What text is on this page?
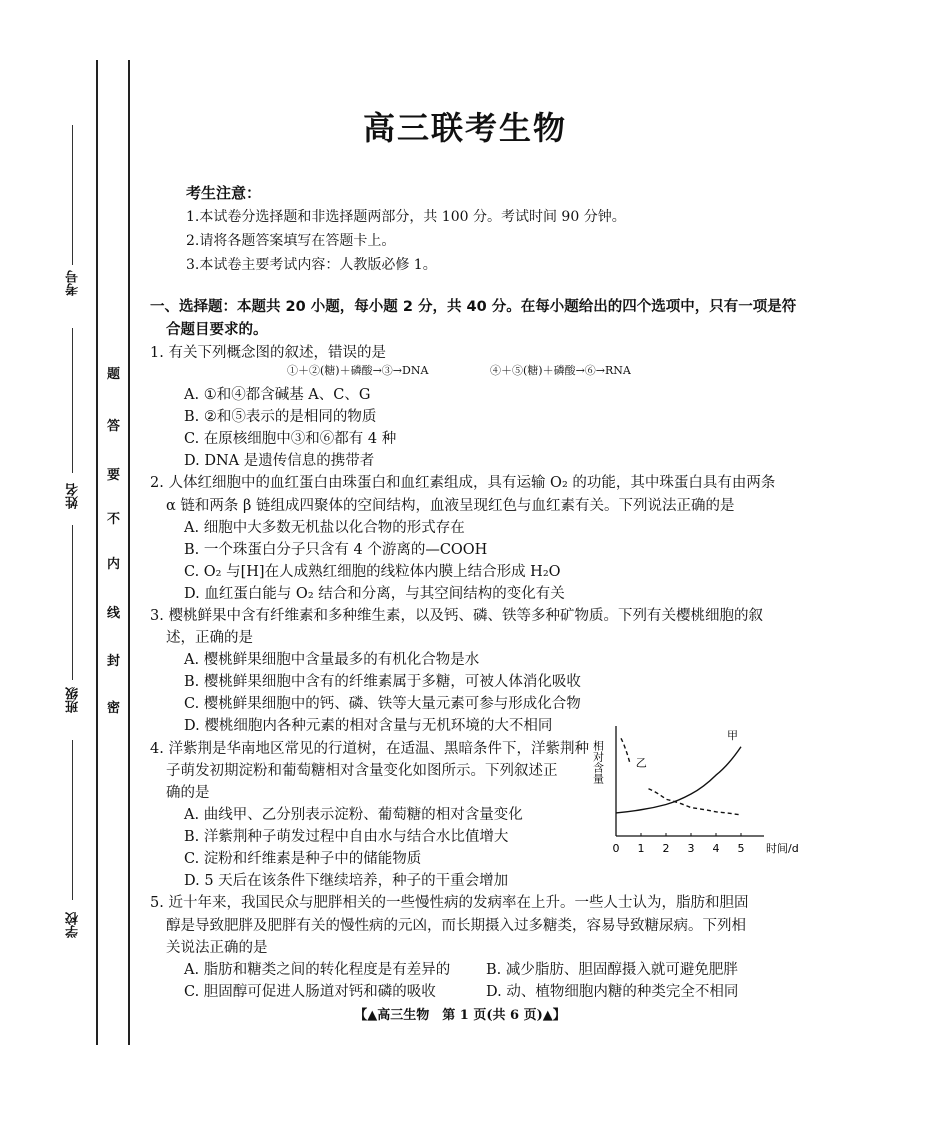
考号
姓名
班级
学校
题
答
要
不
内
线
封
密
高三联考生物
考生注意：
1.本试卷分选择题和非选择题两部分，共 100 分。考试时间 90 分钟。
2.请将各题答案填写在答题卡上。
3.本试卷主要考试内容：人教版必修 1。
一、选择题：本题共 20 小题，每小题 2 分，共 40 分。在每小题给出的四个选项中，只有一项是符
合题目要求的。
1. 有关下列概念图的叙述，错误的是
①＋②(糖)＋磷酸→③→DNA	④＋⑤(糖)＋磷酸→⑥→RNA
A. ①和④都含碱基 A、C、G
B. ②和⑤表示的是相同的物质
C. 在原核细胞中③和⑥都有 4 种
D. DNA 是遗传信息的携带者
2. 人体红细胞中的血红蛋白由珠蛋白和血红素组成，具有运输 O₂ 的功能，其中珠蛋白具有由两条
α 链和两条 β 链组成四聚体的空间结构，血液呈现红色与血红素有关。下列说法正确的是
A. 细胞中大多数无机盐以化合物的形式存在
B. 一个珠蛋白分子只含有 4 个游离的—COOH
C. O₂ 与[H]在人成熟红细胞的线粒体内膜上结合形成 H₂O
D. 血红蛋白能与 O₂ 结合和分离，与其空间结构的变化有关
3. 樱桃鲜果中含有纤维素和多种维生素，以及钙、磷、铁等多种矿物质。下列有关樱桃细胞的叙
述，正确的是
A. 樱桃鲜果细胞中含量最多的有机化合物是水
B. 樱桃鲜果细胞中含有的纤维素属于多糖，可被人体消化吸收
C. 樱桃鲜果细胞中的钙、磷、铁等大量元素可参与形成化合物
D. 樱桃细胞内各种元素的相对含量与无机环境的大不相同
4. 洋紫荆是华南地区常见的行道树，在适温、黑暗条件下，洋紫荆种
子萌发初期淀粉和葡萄糖相对含量变化如图所示。下列叙述正
确的是
A. 曲线甲、乙分别表示淀粉、葡萄糖的相对含量变化
B. 洋紫荆种子萌发过程中自由水与结合水比值增大
C. 淀粉和纤维素是种子中的储能物质
D. 5 天后在该条件下继续培养，种子的干重会增加
相对含量
0 1 2 3 4 5 时间/d
甲
乙
5. 近十年来，我国民众与肥胖相关的一些慢性病的发病率在上升。一些人士认为，脂肪和胆固
醇是导致肥胖及肥胖有关的慢性病的元凶，而长期摄入过多糖类，容易导致糖尿病。下列相
关说法正确的是
A. 脂肪和糖类之间的转化程度是有差异的 B. 减少脂肪、胆固醇摄入就可避免肥胖
C. 胆固醇可促进人肠道对钙和磷的吸收	D. 动、植物细胞内糖的种类完全不相同
【▲高三生物　第 1 页(共 6 页)▲】
